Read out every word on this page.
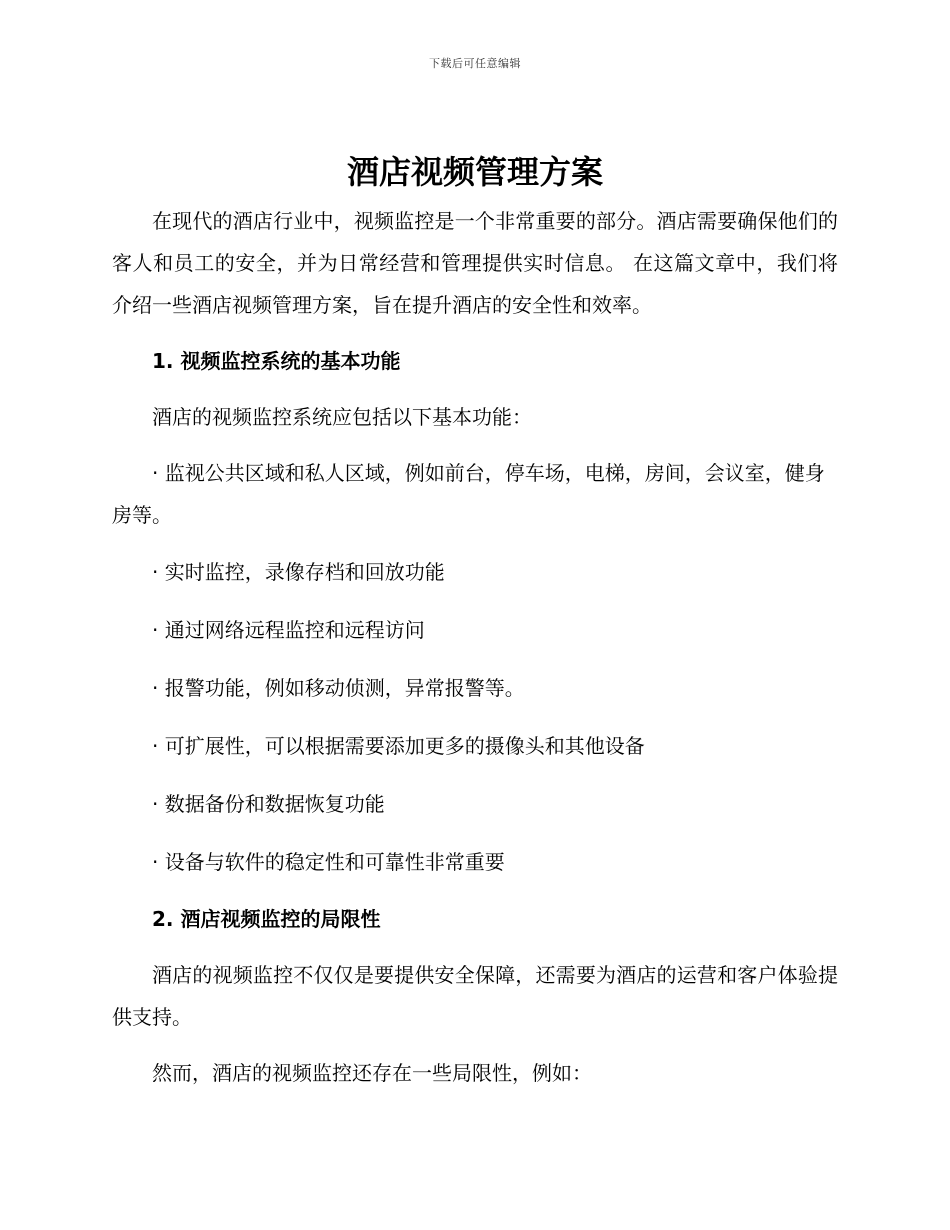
下载后可任意编辑
酒店视频管理方案

在现代的酒店行业中，视频监控是一个非常重要的部分。酒店需要确保他们的客人和员工的安全，并为日常经营和管理提供实时信息。 在这篇文章中，我们将介绍一些酒店视频管理方案，旨在提升酒店的安全性和效率。

1. 视频监控系统的基本功能

酒店的视频监控系统应包括以下基本功能：

· 监视公共区域和私人区域，例如前台，停车场，电梯，房间，会议室，健身房等。

· 实时监控，录像存档和回放功能

· 通过网络远程监控和远程访问

· 报警功能，例如移动侦测，异常报警等。

· 可扩展性，可以根据需要添加更多的摄像头和其他设备

· 数据备份和数据恢复功能

· 设备与软件的稳定性和可靠性非常重要

2. 酒店视频监控的局限性

酒店的视频监控不仅仅是要提供安全保障，还需要为酒店的运营和客户体验提供支持。

然而，酒店的视频监控还存在一些局限性，例如：
